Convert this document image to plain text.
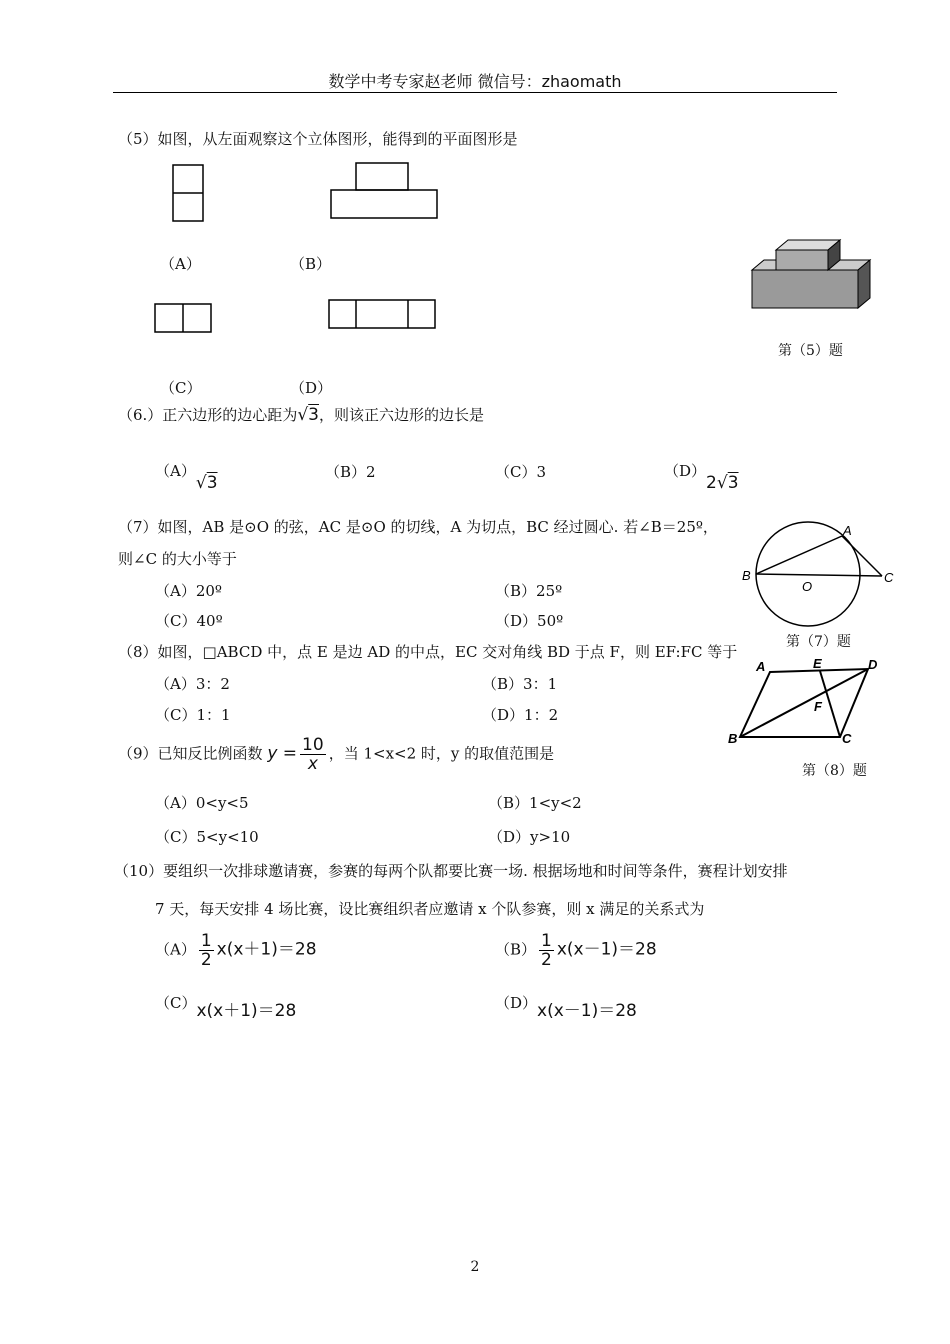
数学中考专家赵老师 微信号：zhaomath
（5）如图，从左面观察这个立体图形，能得到的平面图形是
（A）	（B）
（C）	（D）
第（5）题
（6.）正六边形的边心距为√3，则该正六边形的边长是
（A）√3
（B）2	（C）3	（D）2√3
（7）如图，AB 是⊙O 的弦，AC 是⊙O 的切线，A 为切点，BC 经过圆心. 若∠B＝25º，
则∠C 的大小等于
（A）20º	（B）25º
（C）40º	（D）50º
B
O
A
C
第（7）题
（8）如图，□ABCD 中，点 E 是边 AD 的中点，EC 交对角线 BD 于点 F，则 EF:FC 等于
（A）3：2	（B）3：1
（C）1：1	（D）1：2
A	E	D
F
B	C
第（8）题
（9）已知反比例函数 $y = \frac{10}{x}$ ，当 1<x<2 时，y 的取值范围是
（A）0<y<5	（B）1<y<2
（C）5<y<10	（D）y>10
（10）要组织一次排球邀请赛，参赛的每两个队都要比赛一场. 根据场地和时间等条件，赛程计划安排
7 天，每天安排 4 场比赛，设比赛组织者应邀请 x 个队参赛，则 x 满足的关系式为
$(A) \frac{1}{2} x(x+1)=28$	$(B) \frac{1}{2} x(x-1)=28$
（C）x(x＋1)＝28	（D）x(x－1)＝28
2
